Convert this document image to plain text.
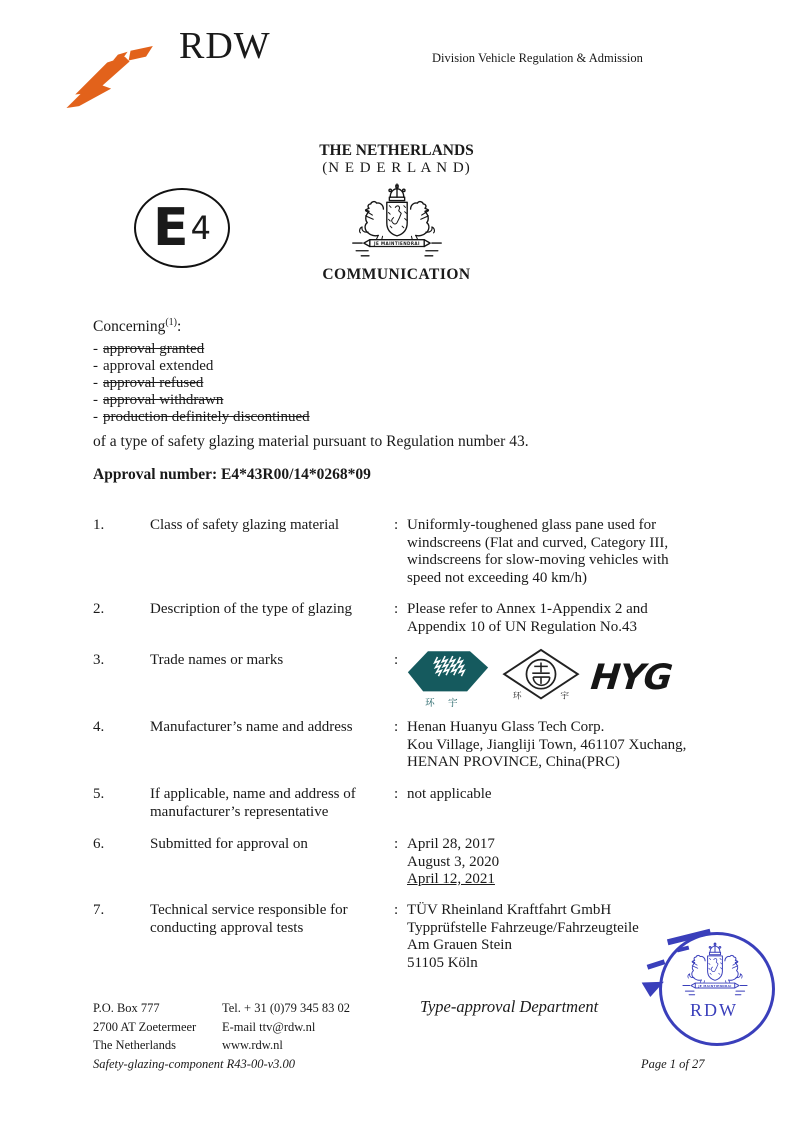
RDW	Division Vehicle Regulation & Admission
THE NETHERLANDS
(N E D E R L A N D)
E 4	JE MAINTIENDRAI
COMMUNICATION
Concerning$^{(1)}$:
- approval granted
- approval extended
- approval refused
- approval withdrawn
- production definitely discontinued
of a type of safety glazing material pursuant to Regulation number 43.
Approval number: E4*43R00/14*0268*09
1.	Class of safety glazing material	: Uniformly-toughened glass pane used for
windscreens (Flat and curved, Category III,
windscreens for slow-moving vehicles with
speed not exceeding 40 km/h)
2.	Description of the type of glazing	: Please refer to Annex 1-Appendix 2 and
Appendix 10 of UN Regulation No.43
3.	Trade names or marks	:
环宇
环	宇 HYG
4.	Manufacturer’s name and address	: Henan Huanyu Glass Tech Corp.
Kou Village, Jiangliji Town, 461107 Xuchang,
HENAN PROVINCE, China(PRC)
5.	If applicable, name and address of
manufacturer’s representative
: not applicable
6.	Submitted for approval on	: April 28, 2017
August 3, 2020
April 12, 2021
7.	Technical service responsible for
conducting approval tests
: TÜV Rheinland Kraftfahrt GmbH
Typprüfstelle Fahrzeuge/Fahrzeugteile
Am Grauen Stein
51105 Köln
P.O. Box 777
2700 AT Zoetermeer
The Netherlands
Tel. + 31 (0)79 345 83 02
E-mail ttv@rdw.nl
www.rdw.nl
Type-approval Department
Safety-glazing-component R43-00-v3.00	Page 1 of 27
JE MAINTIENDRAI
RDW
